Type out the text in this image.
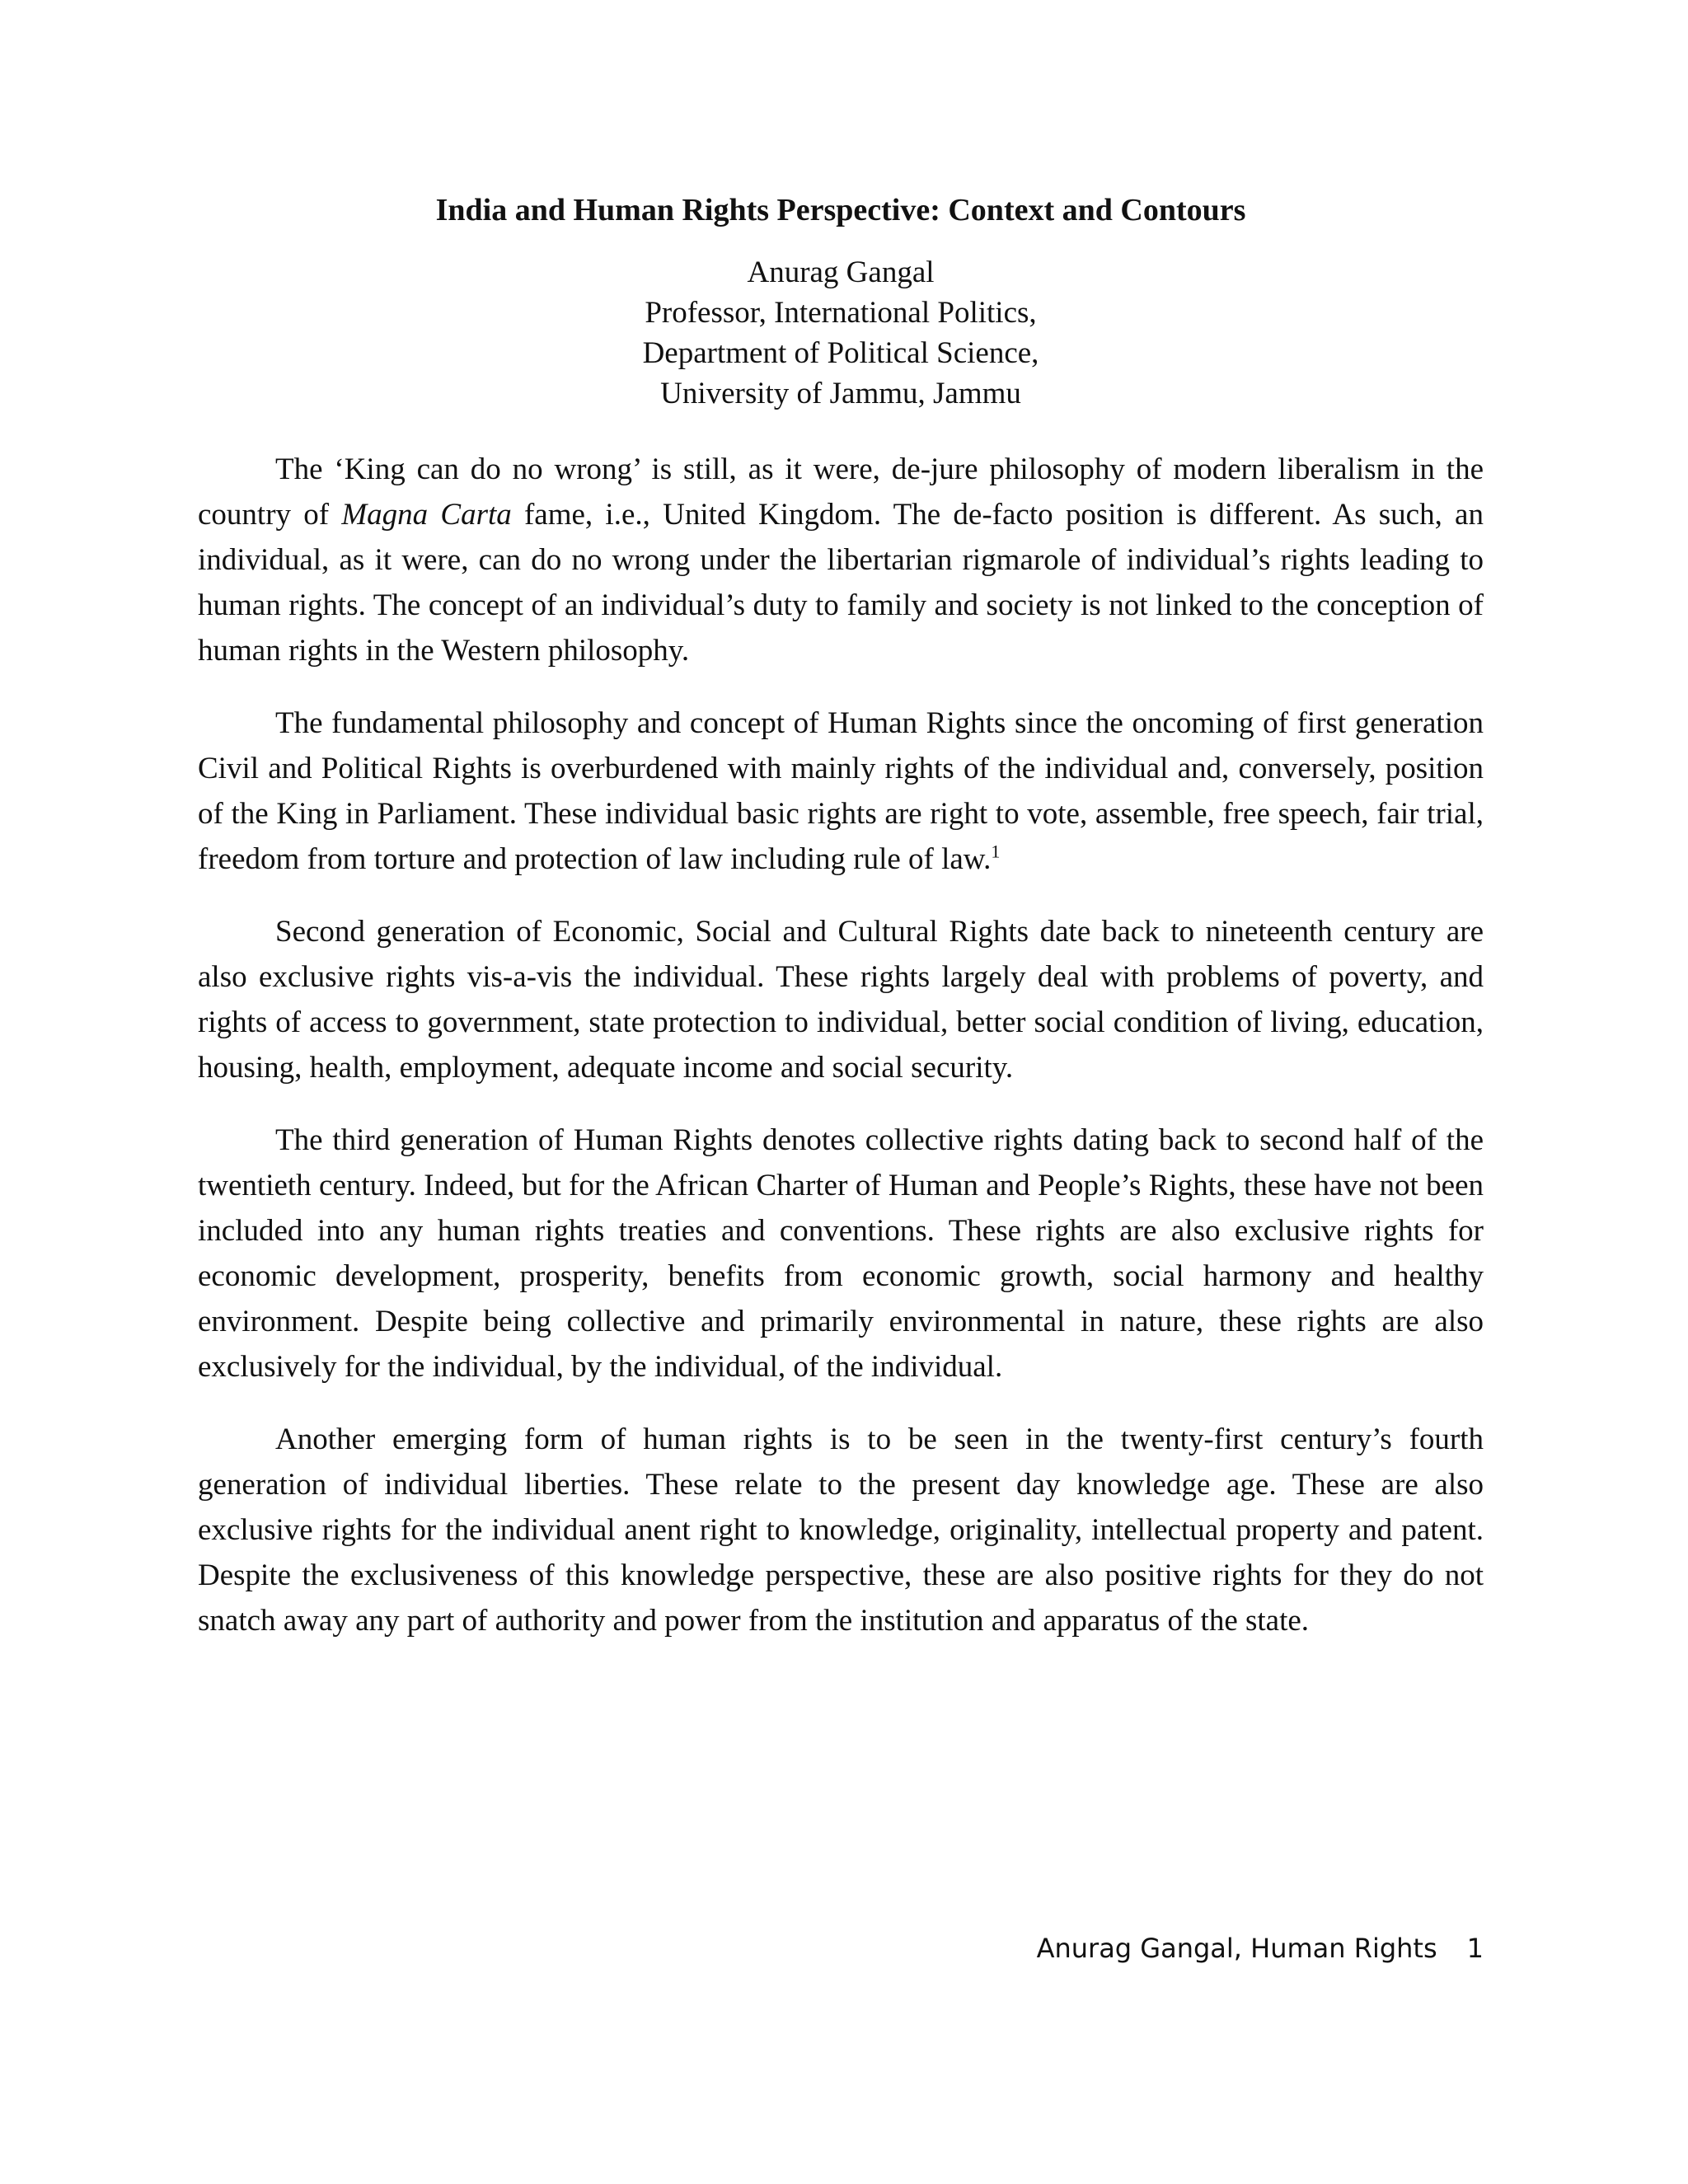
India and Human Rights Perspective: Context and Contours
Anurag Gangal
Professor, International Politics,
Department of Political Science,
University of Jammu, Jammu

The ‘King can do no wrong’ is still, as it were, de-jure philosophy of modern liberalism in the country of Magna Carta fame, i.e., United Kingdom. The de-facto position is different. As such, an individual, as it were, can do no wrong under the libertarian rigmarole of individual’s rights leading to human rights. The concept of an individual’s duty to family and society is not linked to the conception of human rights in the Western philosophy.

The fundamental philosophy and concept of Human Rights since the oncoming of first generation Civil and Political Rights is overburdened with mainly rights of the individual and, conversely, position of the King in Parliament. These individual basic rights are right to vote, assemble, free speech, fair trial, freedom from torture and protection of law including rule of law.$^1$

Second generation of Economic, Social and Cultural Rights date back to nineteenth century are also exclusive rights vis-a-vis the individual. These rights largely deal with problems of poverty, and rights of access to government, state protection to individual, better social condition of living, education, housing, health, employment, adequate income and social security.

The third generation of Human Rights denotes collective rights dating back to second half of the twentieth century. Indeed, but for the African Charter of Human and People’s Rights, these have not been included into any human rights treaties and conventions. These rights are also exclusive rights for economic development, prosperity, benefits from economic growth, social harmony and healthy environment. Despite being collective and primarily environmental in nature, these rights are also exclusively for the individual, by the individual, of the individual.

Another emerging form of human rights is to be seen in the twenty-first century’s fourth generation of individual liberties. These relate to the present day knowledge age. These are also exclusive rights for the individual anent right to knowledge, originality, intellectual property and patent. Despite the exclusiveness of this knowledge perspective, these are also positive rights for they do not snatch away any part of authority and power from the institution and apparatus of the state.

Anurag Gangal, Human Rights 1
